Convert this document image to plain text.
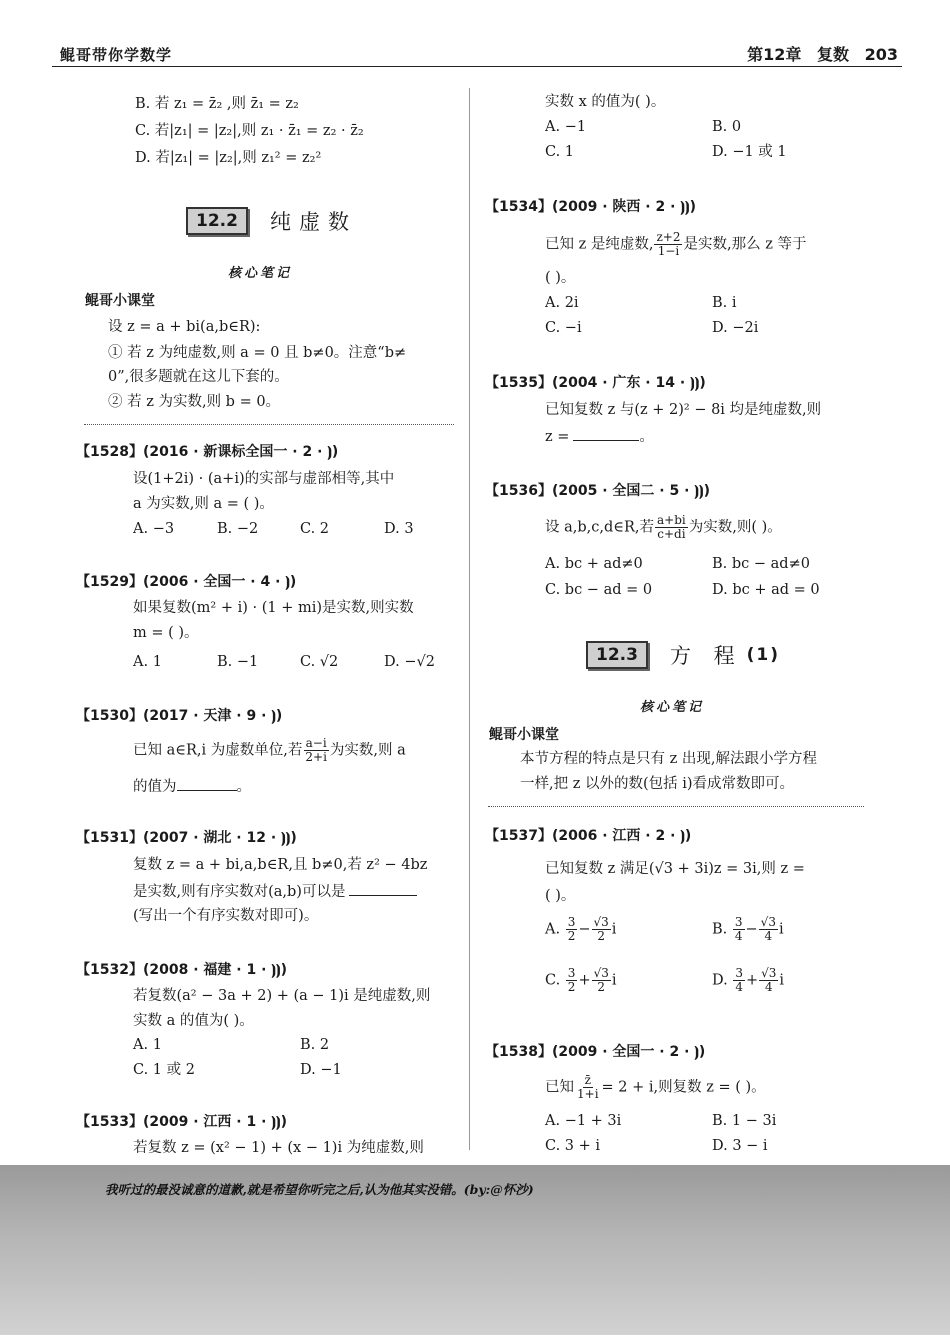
鲲哥带你学数学	第12章 复数 203
B. 若 z₁ = z̄₂ ,则 z̄₁ = z₂
C. 若|z₁| = |z₂|,则 z₁ · z̄₁ = z₂ · z̄₂
D. 若|z₁| = |z₂|,则 z₁² = z₂²
12.2	纯虚数
核心笔记
鲲哥小课堂
设 z = a + bi(a,b∈R):
① 若 z 为纯虚数,则 a = 0 且 b≠0。注意“b≠
0”,很多题就在这儿下套的。
② 若 z 为实数,则 b = 0。
【1528】(2016 · 新课标全国一 · 2 · ⦘)
设(1+2i) · (a+i)的实部与虚部相等,其中
a 为实数,则 a = ( )。
A. −3	B. −2	C. 2	D. 3
【1529】(2006 · 全国一 · 4 · ⦘)
如果复数(m² + i) · (1 + mi)是实数,则实数
m = ( )。
A. 1	B. −1	C. √2	D. −√2
【1530】(2017 · 天津 · 9 · ⦘)
已知 a∈R,i 为虚数单位,若 $\frac{a-i}{2+i}$ 为实数,则 a
的值为	。
【1531】(2007 · 湖北 · 12 · ⦘⦘)
复数 z = a + bi,a,b∈R,且 b≠0,若 z² − 4bz
是实数,则有序实数对(a,b)可以是
(写出一个有序实数对即可)。
【1532】(2008 · 福建 · 1 · ⦘⦘)
若复数(a² − 3a + 2) + (a − 1)i 是纯虚数,则
实数 a 的值为( )。
A. 1	B. 2
C. 1 或 2	D. −1
【1533】(2009 · 江西 · 1 · ⦘⦘)
若复数 z = (x² − 1) + (x − 1)i 为纯虚数,则
实数 x 的值为( )。
A. −1	B. 0
C. 1	D. −1 或 1
【1534】(2009 · 陕西 · 2 · ⦘⦘)
已知 z 是纯虚数, $\frac{z+2}{1-i}$ 是实数,那么 z 等于
( )。
A. 2i	B. i
C. −i	D. −2i
【1535】(2004 · 广东 · 14 · ⦘⦘)
已知复数 z 与(z + 2)² − 8i 均是纯虚数,则
z =	。
【1536】(2005 · 全国二 · 5 · ⦘⦘)
设 a,b,c,d∈R,若 $\frac{a+bi}{c+di}$ 为实数,则( )。
A. bc + ad≠0	B. bc − ad≠0
C. bc − ad = 0	D. bc + ad = 0
12.3	方 程 (1)
核心笔记
鲲哥小课堂
本节方程的特点是只有 z 出现,解法跟小学方程
一样,把 z 以外的数(包括 i)看成常数即可。
【1537】(2006 · 江西 · 2 · ⦘)
已知复数 z 满足(√3 + 3i)z = 3i,则 z =
( )。
A. $\frac{3}{2} - \frac{√3}{2}$ i	B. $\frac{3}{4} - \frac{√3}{4}$ i
C. $\frac{3}{2} + \frac{√3}{2}$ i	D. $\frac{3}{4} + \frac{√3}{4}$ i
【1538】(2009 · 全国一 · 2 · ⦘)
已知 $\frac{z̄}{1+i} = 2 + i$,则复数 z = ( )。
A. −1 + 3i	B. 1 − 3i
C. 3 + i	D. 3 − i
我听过的最没诚意的道歉,就是希望你听完之后,认为他其实没错。(by:@怀沙)
